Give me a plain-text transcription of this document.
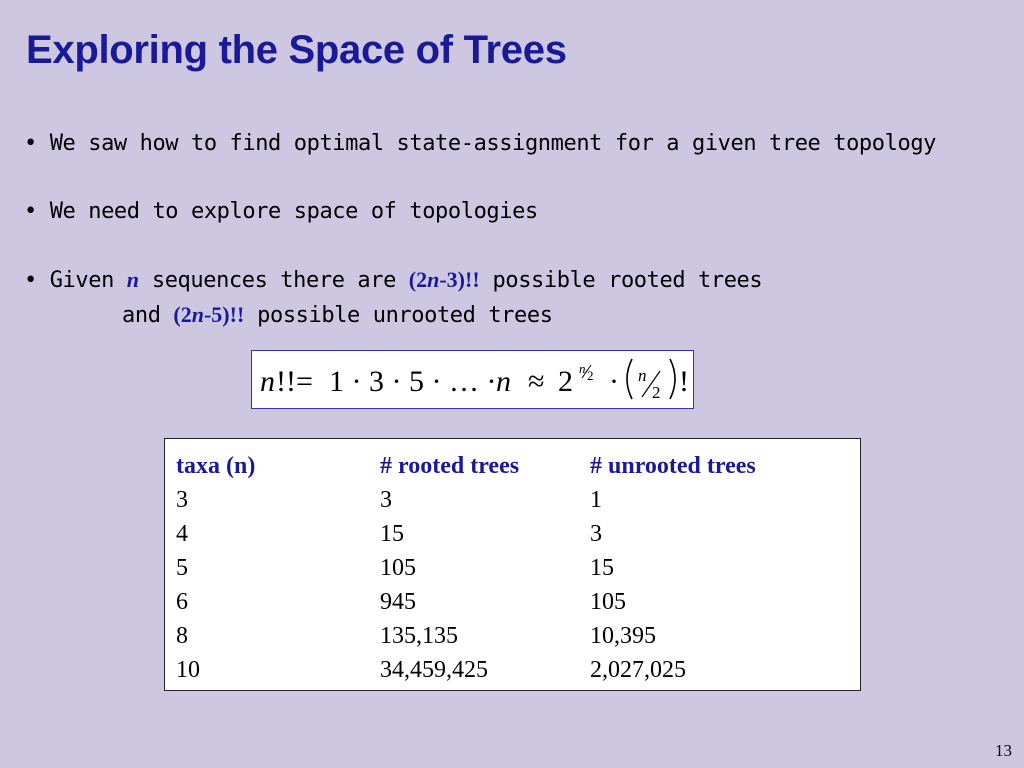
Exploring the Space of Trees
• We saw how to find optimal state-assignment for a given tree topology
• We need to explore space of topologies
• Given n sequences there are (2n-3)!! possible rooted trees
and (2n-5)!! possible unrooted trees
n !!= 1 · 3 · 5 · … · n ≈ 2 n 2 · n
2 !
taxa (n)	# rooted trees	# unrooted trees
3	3	1
4	15	3
5	105	15
6	945	105
8	135,135	10,395
10	34,459,425	2,027,025
13
